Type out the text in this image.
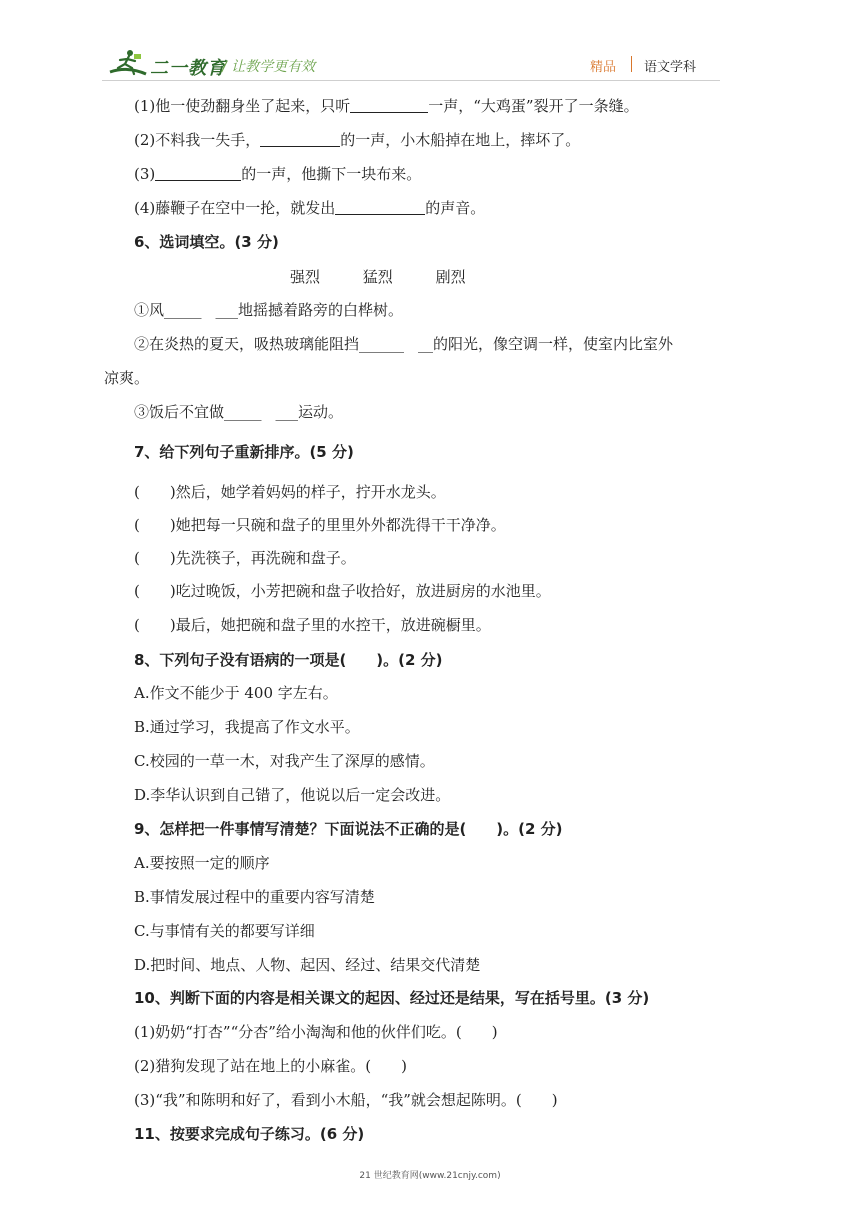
二一教育
/ 让教学更有效	精品 语文学科
(1)他一使劲翻身坐了起来，只听	一声，“大鸡蛋”裂开了一条缝。
(2)不料我一失手，	的一声，小木船掉在地上，摔坏了。
(3)	的一声，他撕下一块布来。
(4)藤鞭子在空中一抡，就发出	的声音。
6、选词填空。(3 分)
强烈	猛烈	剧烈
①风_____ ___地摇撼着路旁的白桦树。
②在炎热的夏天，吸热玻璃能阻挡______ __的阳光，像空调一样，使室内比室外
凉爽。
③饭后不宜做_____ ___运动。
7、给下列句子重新排序。(5 分)
(　　)然后，她学着妈妈的样子，拧开水龙头。
(　　)她把每一只碗和盘子的里里外外都洗得干干净净。
(　　)先洗筷子，再洗碗和盘子。
(　　)吃过晚饭，小芳把碗和盘子收拾好，放进厨房的水池里。
(　　)最后，她把碗和盘子里的水控干，放进碗橱里。
8、下列句子没有语病的一项是(　　)。(2 分)
A.作文不能少于 400 字左右。
B.通过学习，我提高了作文水平。
C.校园的一草一木，对我产生了深厚的感情。
D.李华认识到自己错了，他说以后一定会改进。
9、怎样把一件事情写清楚？下面说法不正确的是(　　)。(2 分)
A.要按照一定的顺序
B.事情发展过程中的重要内容写清楚
C.与事情有关的都要写详细
D.把时间、地点、人物、起因、经过、结果交代清楚
10、判断下面的内容是相关课文的起因、经过还是结果，写在括号里。(3 分)
(1)奶奶“打杏”“分杏”给小淘淘和他的伙伴们吃。(　　)
(2)猎狗发现了站在地上的小麻雀。(　　)
(3)“我”和陈明和好了，看到小木船，“我”就会想起陈明。(　　)
11、按要求完成句子练习。(6 分)
21 世纪教育网(www.21cnjy.com)
